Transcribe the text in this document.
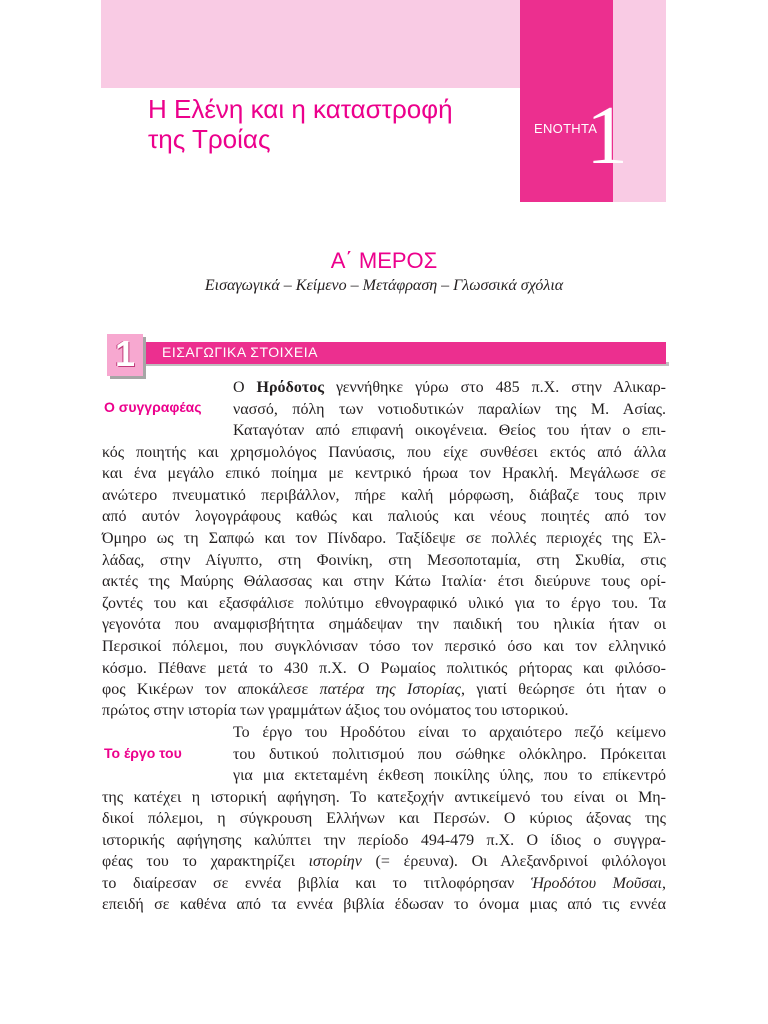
Η Ελένη και η καταστροφή
της Τροίας	ΕΝΟΤΗΤΑ
1
Α΄ ΜΕΡΟΣ
Εισαγωγικά – Κείμενο – Μετάφραση – Γλωσσικά σχόλια
1	ΕΙΣΑΓΩΓΙΚΑ ΣΤΟΙΧΕΙΑ
Ο συγγραφέας
Το έργο του
Ο Ηρόδοτος γεννήθηκε γύρω στο 485 π.Χ. στην Αλικαρ-
νασσό, πόλη των νοτιοδυτικών παραλίων της Μ. Ασίας.
Καταγόταν από επιφανή οικογένεια. Θείος του ήταν ο επι-
κός ποιητής και χρησμολόγος Πανύασις, που είχε συνθέσει εκτός από άλλα
και ένα μεγάλο επικό ποίημα με κεντρικό ήρωα τον Ηρακλή. Μεγάλωσε σε
ανώτερο πνευματικό περιβάλλον, πήρε καλή μόρφωση, διάβαζε τους πριν
από αυτόν λογογράφους καθώς και παλιούς και νέους ποιητές από τον
Όμηρο ως τη Σαπφώ και τον Πίνδαρο. Ταξίδεψε σε πολλές περιοχές της Ελ-
λάδας, στην Αίγυπτο, στη Φοινίκη, στη Μεσοποταμία, στη Σκυθία, στις
ακτές της Μαύρης Θάλασσας και στην Κάτω Ιταλία· έτσι διεύρυνε τους ορί-
ζοντές του και εξασφάλισε πολύτιμο εθνογραφικό υλικό για το έργο του. Τα
γεγονότα που αναμφισβήτητα σημάδεψαν την παιδική του ηλικία ήταν οι
Περσικοί πόλεμοι, που συγκλόνισαν τόσο τον περσικό όσο και τον ελληνικό
κόσμο. Πέθανε μετά το 430 π.Χ. Ο Ρωμαίος πολιτικός ρήτορας και φιλόσο-
φος Κικέρων τον αποκάλεσε πατέρα της Ιστορίας, γιατί θεώρησε ότι ήταν ο
πρώτος στην ιστορία των γραμμάτων άξιος του ονόματος του ιστορικού.
Το έργο του Ηροδότου είναι το αρχαιότερο πεζό κείμενο
του δυτικού πολιτισμού που σώθηκε ολόκληρο. Πρόκειται
για μια εκτεταμένη έκθεση ποικίλης ύλης, που το επίκεντρό
της κατέχει η ιστορική αφήγηση. Το κατεξοχήν αντικείμενό του είναι οι Μη-
δικοί πόλεμοι, η σύγκρουση Ελλήνων και Περσών. Ο κύριος άξονας της
ιστορικής αφήγησης καλύπτει την περίοδο 494-479 π.Χ. Ο ίδιος ο συγγρα-
φέας του το χαρακτηρίζει ιστορίην (= έρευνα). Οι Αλεξανδρινοί φιλόλογοι
το διαίρεσαν σε εννέα βιβλία και το τιτλοφόρησαν Ἡροδότου Μοῦσαι,
επειδή σε καθένα από τα εννέα βιβλία έδωσαν το όνομα μιας από τις εννέα
